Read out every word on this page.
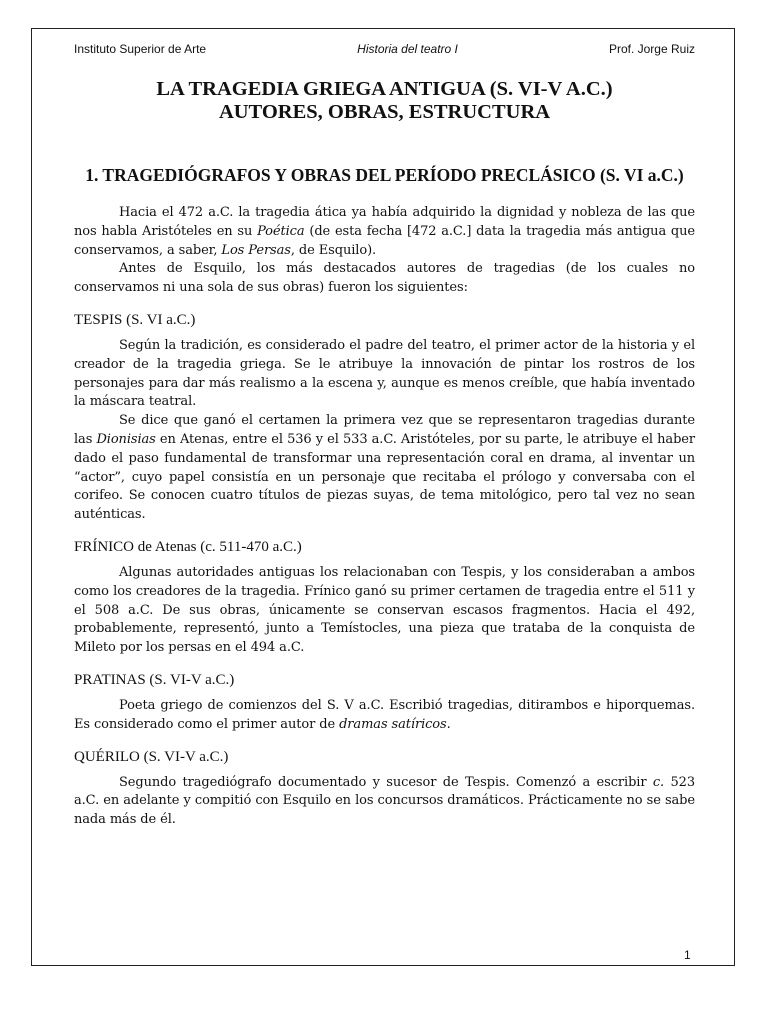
Instituto Superior de Arte	Historia del teatro I	Prof. Jorge Ruiz
LA TRAGEDIA GRIEGA ANTIGUA (S. VI-V A.C.)
AUTORES, OBRAS, ESTRUCTURA
1. TRAGEDIÓGRAFOS Y OBRAS DEL PERÍODO PRECLÁSICO (S. VI a.C.)

Hacia el 472 a.C. la tragedia ática ya había adquirido la dignidad y nobleza de las que nos habla Aristóteles en su Poética (de esta fecha [472 a.C.] data la tragedia más antigua que conservamos, a saber, Los Persas, de Esquilo).

Antes de Esquilo, los más destacados autores de tragedias (de los cuales no conservamos ni una sola de sus obras) fueron los siguientes:

TESPIS (S. VI a.C.)

Según la tradición, es considerado el padre del teatro, el primer actor de la historia y el creador de la tragedia griega. Se le atribuye la innovación de pintar los rostros de los personajes para dar más realismo a la escena y, aunque es menos creíble, que había inventado la máscara teatral.

Se dice que ganó el certamen la primera vez que se representaron tragedias durante las Dionisias en Atenas, entre el 536 y el 533 a.C. Aristóteles, por su parte, le atribuye el haber dado el paso fundamental de transformar una representación coral en drama, al inventar un “actor”, cuyo papel consistía en un personaje que recitaba el prólogo y conversaba con el corifeo. Se conocen cuatro títulos de piezas suyas, de tema mitológico, pero tal vez no sean auténticas.

FRÍNICO de Atenas (c. 511-470 a.C.)

Algunas autoridades antiguas los relacionaban con Tespis, y los consideraban a ambos como los creadores de la tragedia. Frínico ganó su primer certamen de tragedia entre el 511 y el 508 a.C. De sus obras, únicamente se conservan escasos fragmentos. Hacia el 492, probablemente, representó, junto a Temístocles, una pieza que trataba de la conquista de Mileto por los persas en el 494 a.C.

PRATINAS (S. VI-V a.C.)

Poeta griego de comienzos del S. V a.C. Escribió tragedias, ditirambos e hiporquemas. Es considerado como el primer autor de dramas satíricos.

QUÉRILO (S. VI-V a.C.)

Segundo tragediógrafo documentado y sucesor de Tespis. Comenzó a escribir c. 523 a.C. en adelante y compitió con Esquilo en los concursos dramáticos. Prácticamente no se sabe nada más de él.

1
